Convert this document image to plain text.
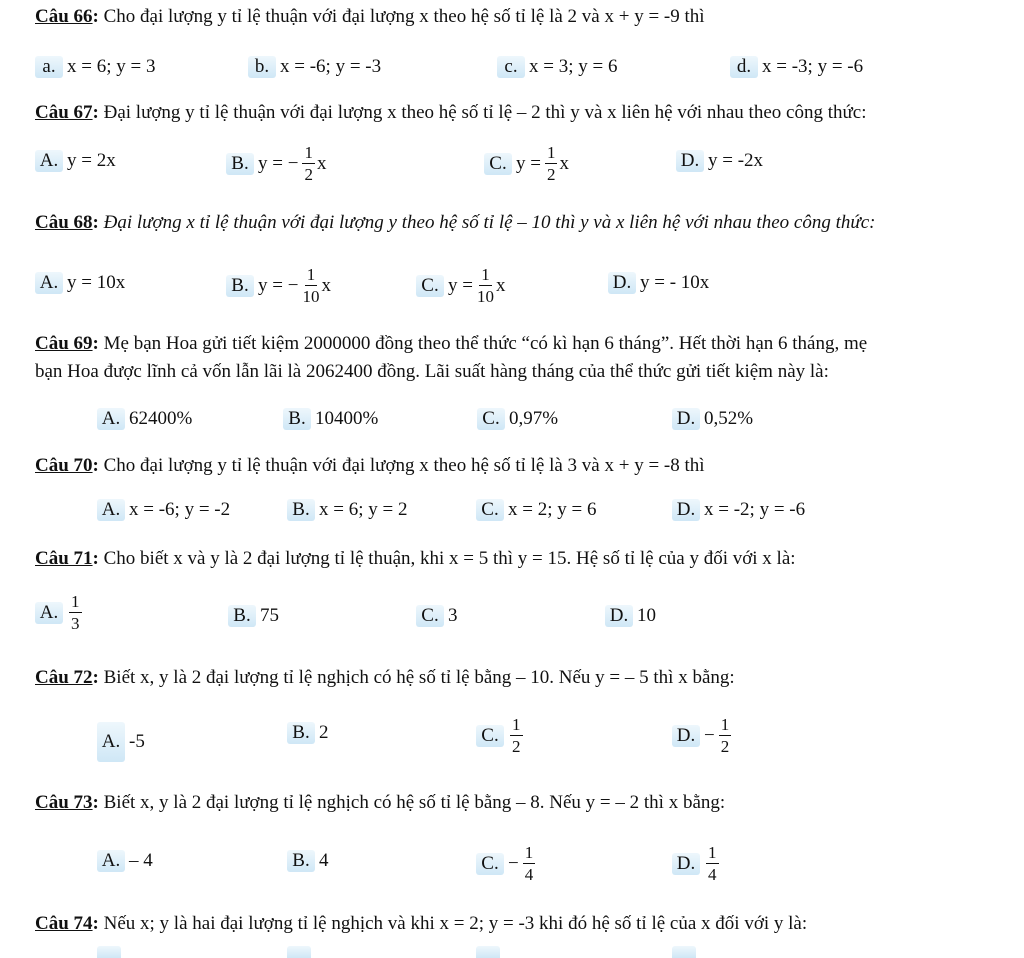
Câu 66: Cho đại lượng y tỉ lệ thuận với đại lượng x theo hệ số tỉ lệ là 2 và x + y = -9 thì
a. x = 6; y = 3	b. x = -6; y = -3	c. x = 3; y = 6	d. x = -3; y = -6
Câu 67: Đại lượng y tỉ lệ thuận với đại lượng x theo hệ số tỉ lệ – 2 thì y và x liên hệ với nhau theo công thức:
A. y = 2x	B. y = − $\frac{1}{2}$ x	C. $y = \frac{1}{2}$ x	D. y = -2x
Câu 68: Đại lượng x tỉ lệ thuận với đại lượng y theo hệ số tỉ lệ – 10 thì y và x liên hệ với nhau theo công thức:
A. y = 10x	B. y = − $\frac{1}{10}$ x	C. $y = \frac{1}{10}$ x	D. y = - 10x
Câu 69: Mẹ bạn Hoa gửi tiết kiệm 2000000 đồng theo thể thức “có kì hạn 6 tháng”. Hết thời hạn 6 tháng, mẹ
bạn Hoa được lĩnh cả vốn lẫn lãi là 2062400 đồng. Lãi suất hàng tháng của thể thức gửi tiết kiệm này là:
A. 62400%	B. 10400%	C. 0,97%	D. 0,52%
Câu 70: Cho đại lượng y tỉ lệ thuận với đại lượng x theo hệ số tỉ lệ là 3 và x + y = -8 thì
A. x = -6; y = -2	B. x = 6; y = 2	C. x = 2; y = 6	D. x = -2; y = -6
Câu 71: Cho biết x và y là 2 đại lượng tỉ lệ thuận, khi x = 5 thì y = 15. Hệ số tỉ lệ của y đối với x là:
A. $\frac{1}{3}$	B. 75	C. 3	D. 10
Câu 72: Biết x, y là 2 đại lượng tỉ lệ nghịch có hệ số tỉ lệ bằng – 10. Nếu y = – 5 thì x bằng:
A. -5	B. 2	C. $\frac{1}{2}$	D. − $\frac{1}{2}$
Câu 73: Biết x, y là 2 đại lượng tỉ lệ nghịch có hệ số tỉ lệ bằng – 8. Nếu y = – 2 thì x bằng:
A. – 4	B. 4	C. − $\frac{1}{4}$	D. $\frac{1}{4}$
Câu 74: Nếu x; y là hai đại lượng tỉ lệ nghịch và khi x = 2; y = -3 khi đó hệ số tỉ lệ của x đối với y là:
